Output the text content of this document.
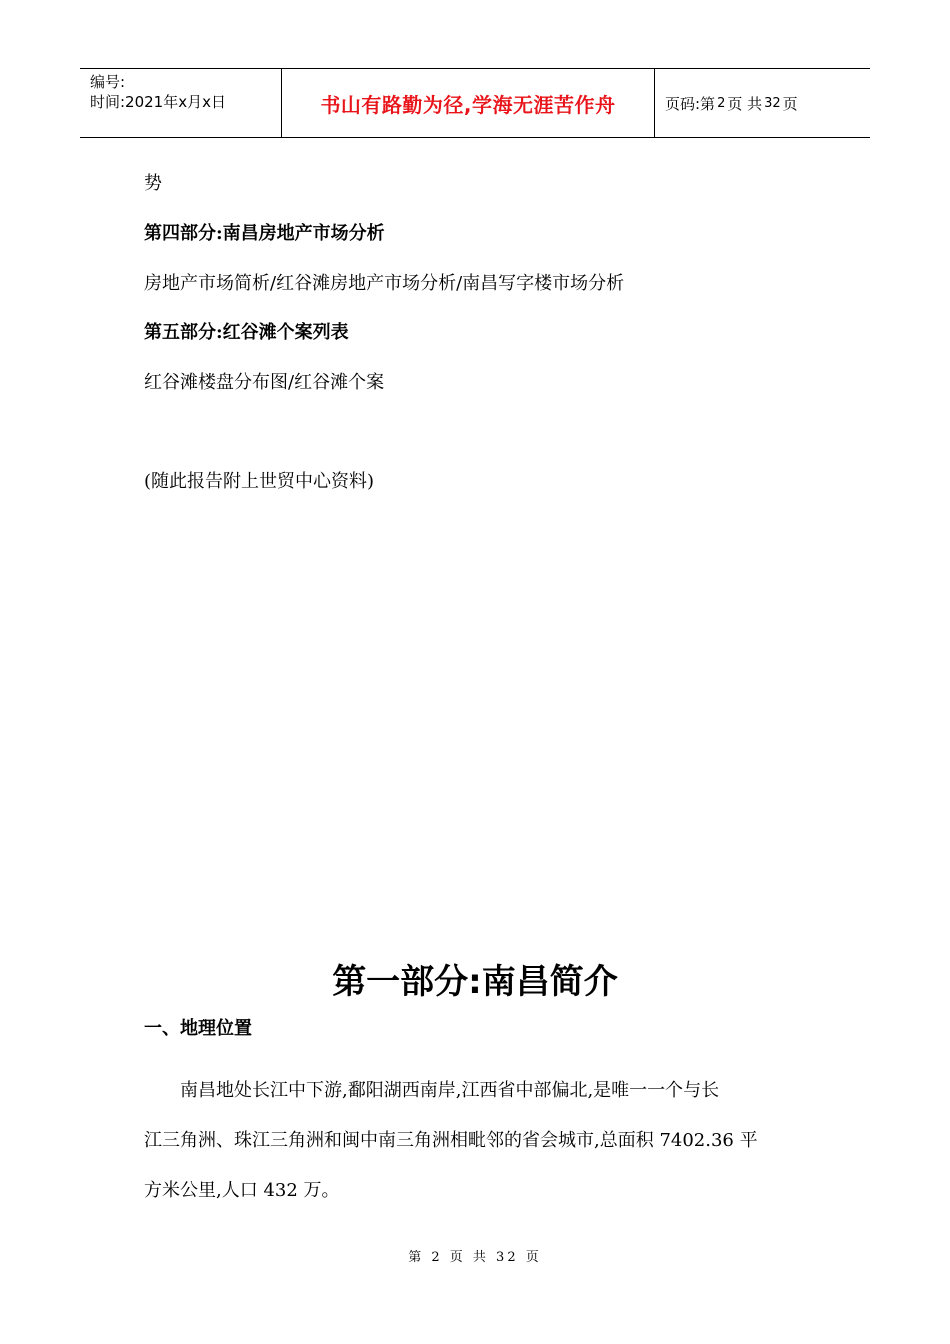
编号:
时间:2021年x月x日	书山有路勤为径,学海无涯苦作舟	页码:第 2 页 共 32 页
势
第四部分:南昌房地产市场分析
房地产市场简析/红谷滩房地产市场分析/南昌写字楼市场分析
第五部分:红谷滩个案列表
红谷滩楼盘分布图/红谷滩个案
(随此报告附上世贸中心资料)
第一部分:南昌简介
一、地理位置
南昌地处长江中下游,鄱阳湖西南岸,江西省中部偏北,是唯一一个与长
江三角洲、珠江三角洲和闽中南三角洲相毗邻的省会城市,总面积 7402.36 平
方米公里,人口 432 万。
第 2 页 共 32 页
